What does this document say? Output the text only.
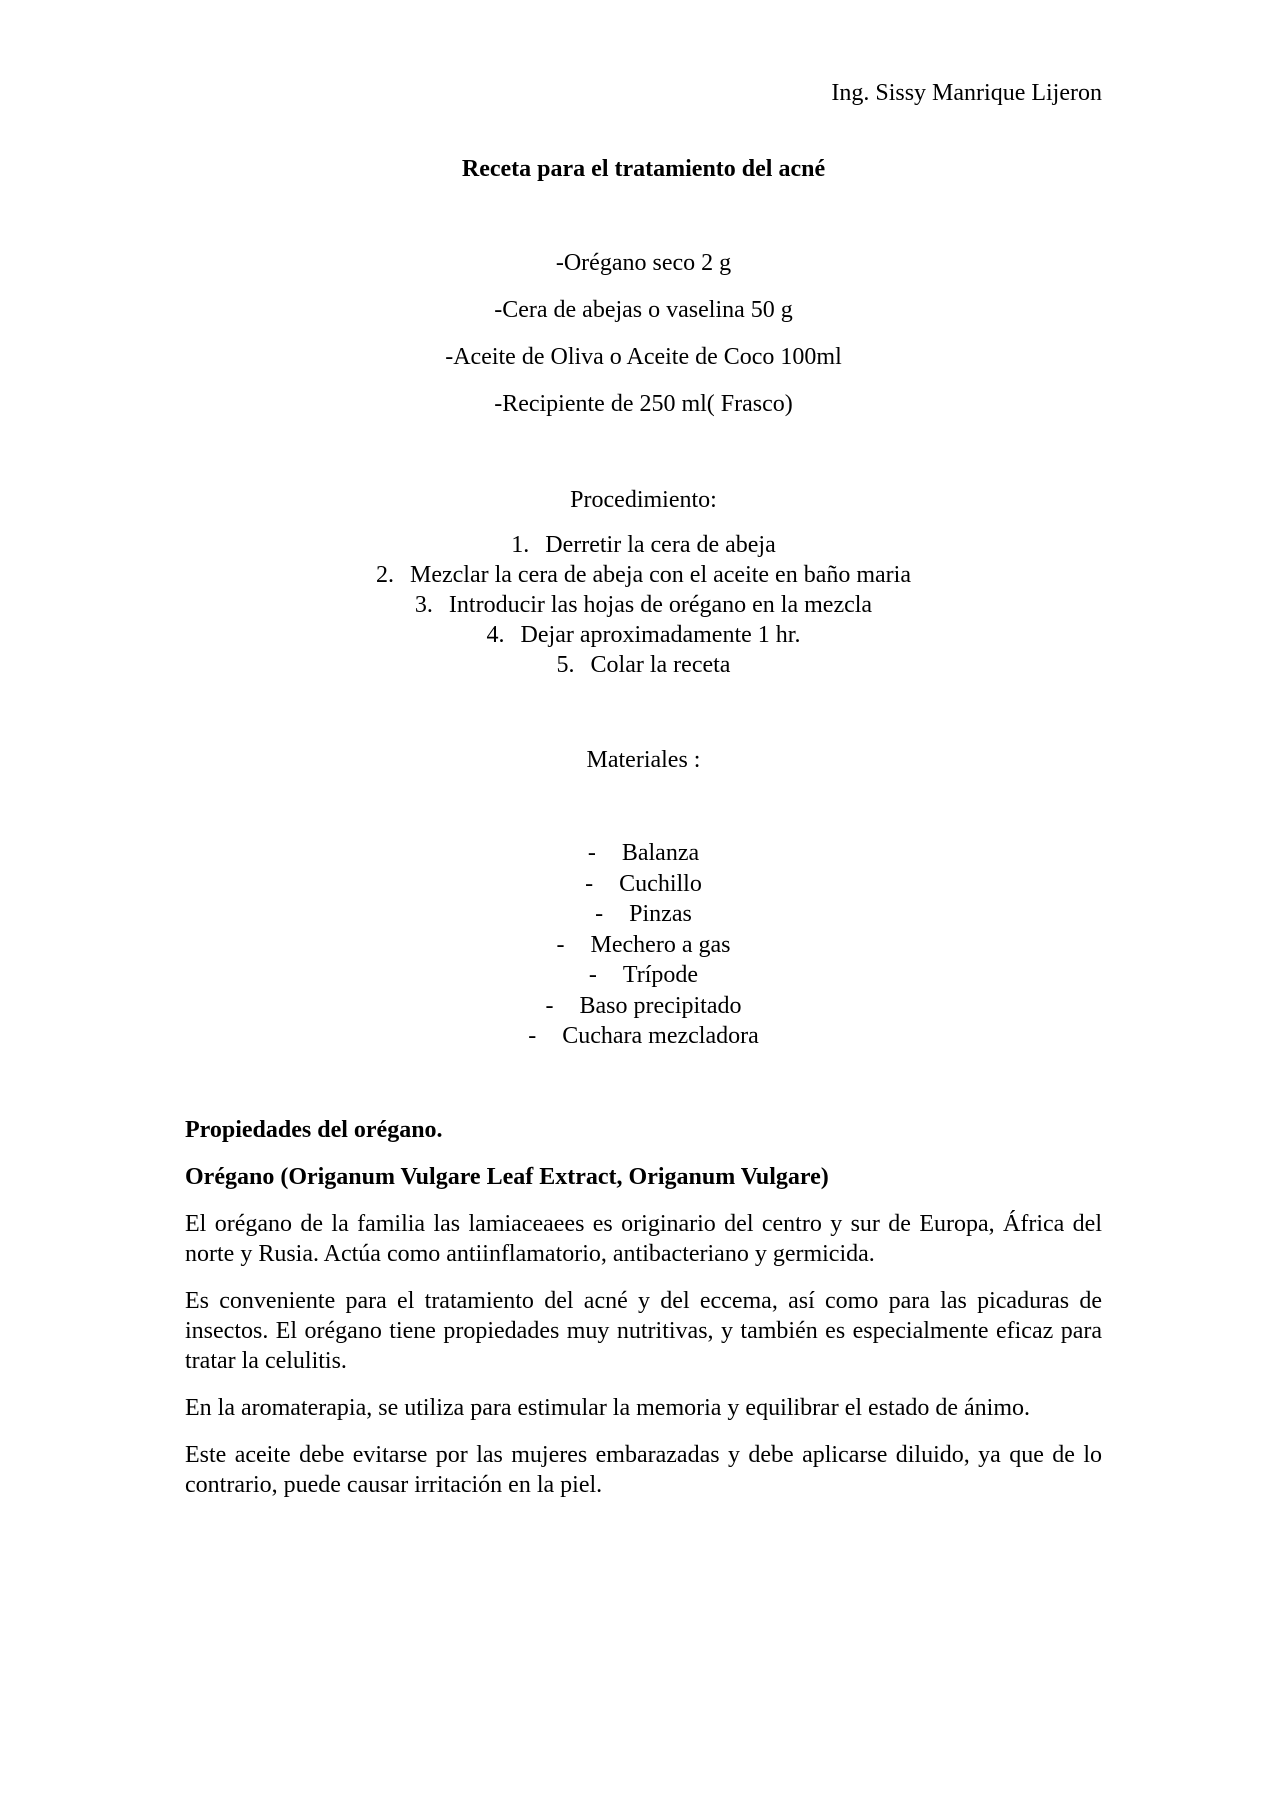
Ing. Sissy Manrique Lijeron
Receta para el tratamiento del acné
-Orégano seco 2 g
-Cera de abejas o vaselina 50 g
-Aceite de Oliva o Aceite de Coco 100ml
-Recipiente de 250 ml( Frasco)
Procedimiento:
1. Derretir la cera de abeja
2. Mezclar la cera de abeja con el aceite en baño maria
3. Introducir las hojas de orégano en la mezcla
4. Dejar aproximadamente 1 hr.
5. Colar la receta
Materiales :
- Balanza
- Cuchillo
- Pinzas
- Mechero a gas
- Trípode
- Baso precipitado
- Cuchara mezcladora

Propiedades del orégano.

Orégano (Origanum Vulgare Leaf Extract, Origanum Vulgare)

El orégano de la familia las lamiaceaees es originario del centro y sur de Europa, África del norte y Rusia. Actúa como antiinflamatorio, antibacteriano y germicida.

Es conveniente para el tratamiento del acné y del eccema, así como para las picaduras de insectos. El orégano tiene propiedades muy nutritivas, y también es especialmente eficaz para tratar la celulitis.

En la aromaterapia, se utiliza para estimular la memoria y equilibrar el estado de ánimo.

Este aceite debe evitarse por las mujeres embarazadas y debe aplicarse diluido, ya que de lo contrario, puede causar irritación en la piel.
